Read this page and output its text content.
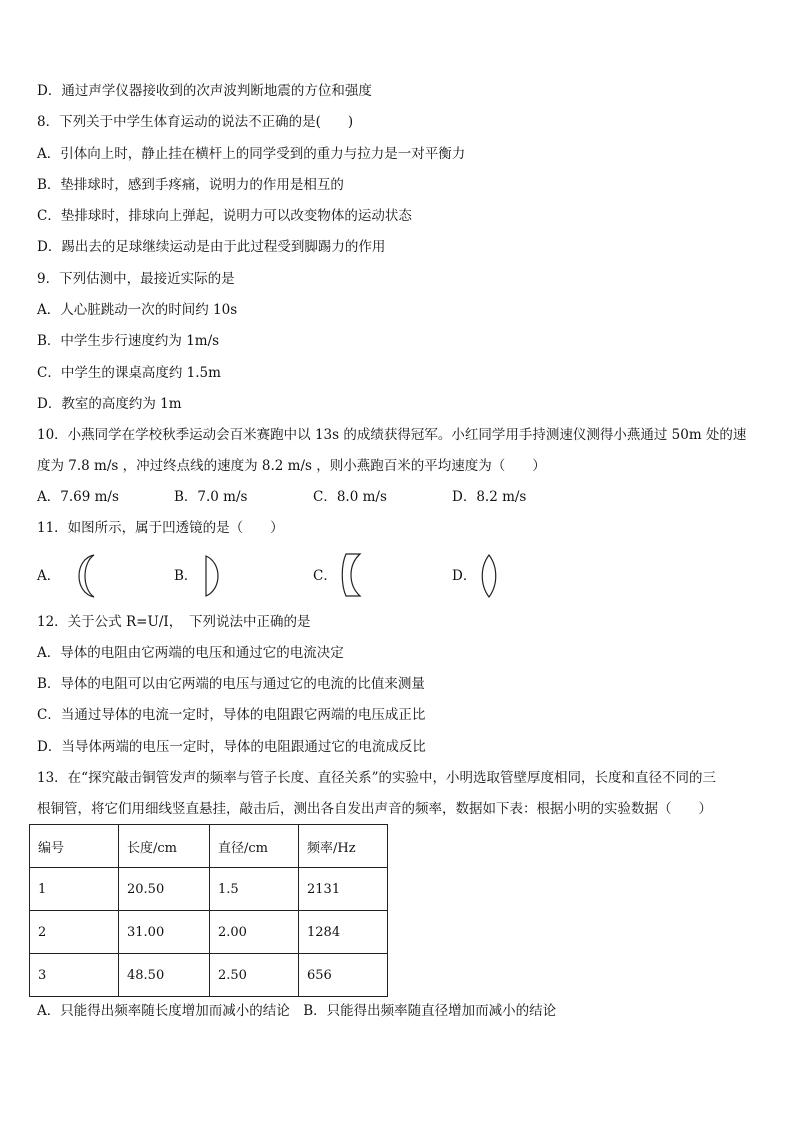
D．通过声学仪器接收到的次声波判断地震的方位和强度
8．下列关于中学生体育运动的说法不正确的是(　　)
A．引体向上时，静止挂在横杆上的同学受到的重力与拉力是一对平衡力
B．垫排球时，感到手疼痛，说明力的作用是相互的
C．垫排球时，排球向上弹起，说明力可以改变物体的运动状态
D．踢出去的足球继续运动是由于此过程受到脚踢力的作用
9．下列估测中，最接近实际的是
A．人心脏跳动一次的时间约 10s
B．中学生步行速度约为 1m/s
C．中学生的课桌高度约 1.5m
D．教室的高度约为 1m
10．小燕同学在学校秋季运动会百米赛跑中以 13s 的成绩获得冠军。小红同学用手持测速仪测得小燕通过 50m 处的速
度为 7.8 m/s ，冲过终点线的速度为 8.2 m/s ，则小燕跑百米的平均速度为（　　）
A．7.69 m/s	B．7.0 m/s	C．8.0 m/s	D．8.2 m/s
11．如图所示，属于凹透镜的是（　　）
A．	B．	C．	D．
12．关于公式 R=U/I，　下列说法中正确的是
A．导体的电阻由它两端的电压和通过它的电流决定
B．导体的电阻可以由它两端的电压与通过它的电流的比值来测量
C．当通过导体的电流一定时，导体的电阻跟它两端的电压成正比
D．当导体两端的电压一定时，导体的电阻跟通过它的电流成反比
13．在“探究敲击铜管发声的频率与管子长度、直径关系”的实验中，小明选取管壁厚度相同，长度和直径不同的三
根铜管，将它们用细线竖直悬挂，敲击后，测出各自发出声音的频率，数据如下表：根据小明的实验数据（　　）
编号	长度/cm	直径/cm	频率/Hz
1	20.50	1.5	2131
2	31.00	2.00	1284
3	48.50	2.50	656
A．只能得出频率随长度增加而减小的结论　B．只能得出频率随直径增加而减小的结论
